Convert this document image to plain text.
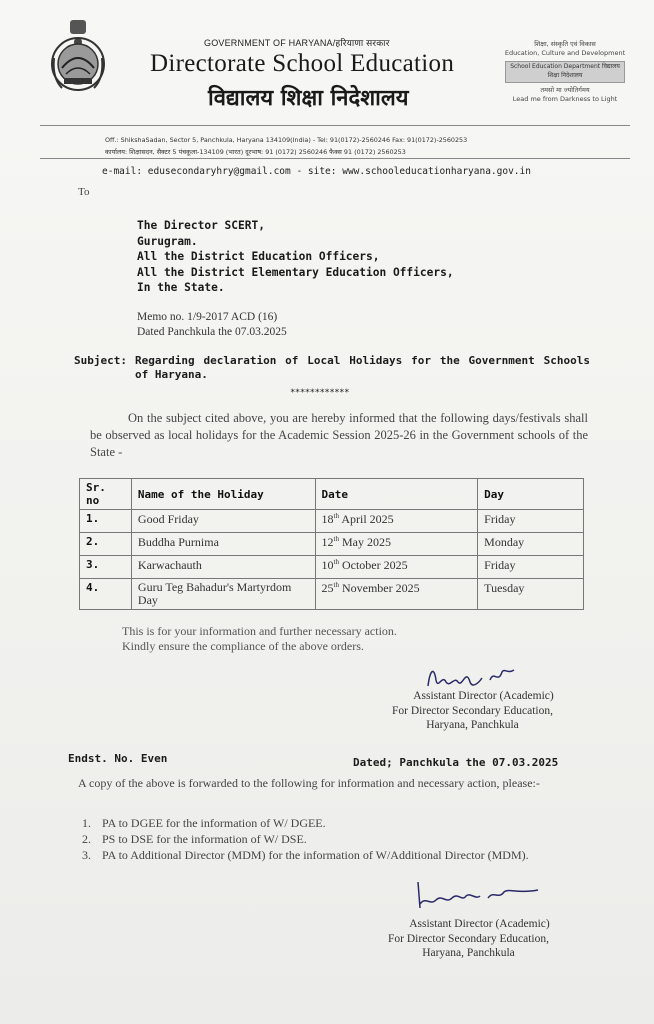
GOVERNMENT OF HARYANA/हरियाणा सरकार
Directorate School Education
विद्यालय शिक्षा निदेशालय
शिक्षा, संस्कृति एवं विकास
Education, Culture and Development
School Education Department विद्यालय शिक्षा निदेशालय
तमसो मा ज्योतिर्गमय
Lead me from Darkness to Light
Off.: ShikshaSadan, Sector 5, Panchkula, Haryana 134109(India) - Tel: 91(0172)-2560246 Fax: 91(0172)-2560253
कार्यालय: शिक्षासदन, सैक्टर 5 पंचकूला-134109 (भारत) दूरभाष: 91 (0172) 2560246 फैक्स 91 (0172) 2560253
e-mail: edusecondaryhry@gmail.com - site: www.schooleducationharyana.gov.in
To
The Director SCERT,
Gurugram.
All the District Education Officers,
All the District Elementary Education Officers,
In the State.
Memo no. 1/9-2017 ACD (16)
Dated Panchkula the 07.03.2025
Subject: Regarding declaration of Local Holidays for the Government Schools of Haryana.
************
On the subject cited above, you are hereby informed that the following days/festivals shall be observed as local holidays for the Academic Session 2025-26 in the Government schools of the State -
Sr. no	Name of the Holiday	Date	Day
1.	Good Friday	18th April 2025	Friday
2.	Buddha Purnima	12th May 2025	Monday
3.	Karwachauth	10th October 2025	Friday
4.	Guru Teg Bahadur's Martyrdom Day	25th November 2025	Tuesday
This is for your information and further necessary action.
Kindly ensure the compliance of the above orders.
Assistant Director (Academic)
For Director Secondary Education,
Haryana, Panchkula
Endst. No. Even	Dated; Panchkula the 07.03.2025
A copy of the above is forwarded to the following for information and necessary action, please:-
1. PA to DGEE for the information of W/ DGEE.
2. PS to DSE for the information of W/ DSE.
3. PA to Additional Director (MDM) for the information of W/Additional Director (MDM).
Assistant Director (Academic)
For Director Secondary Education,
Haryana, Panchkula
